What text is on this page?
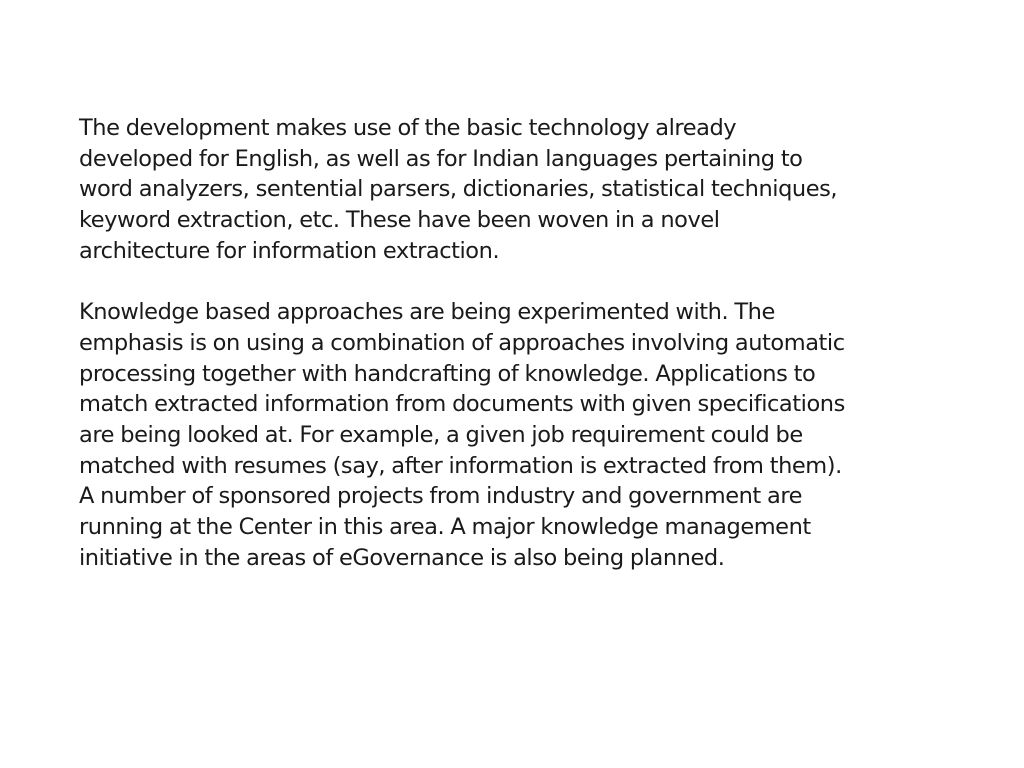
The development makes use of the basic technology already
developed for English, as well as for Indian languages pertaining to
word analyzers, sentential parsers, dictionaries, statistical techniques,
keyword extraction, etc. These have been woven in a novel
architecture for information extraction.

Knowledge based approaches are being experimented with. The
emphasis is on using a combination of approaches involving automatic
processing together with handcrafting of knowledge. Applications to
match extracted information from documents with given specifications
are being looked at. For example, a given job requirement could be
matched with resumes (say, after information is extracted from them).
A number of sponsored projects from industry and government are
running at the Center in this area. A major knowledge management
initiative in the areas of eGovernance is also being planned.
